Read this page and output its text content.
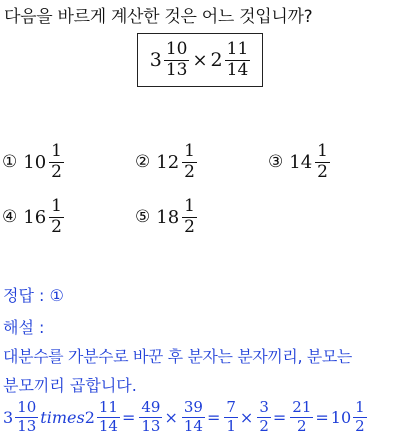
다음을 바르게 계산한 것은 어느 것입니까?
$3 \frac{10}{13} \times 2 \frac{11}{14}$
① $10 \frac{1}{2}$	② $12 \frac{1}{2}$	③ $14 \frac{1}{2}$
④ $16 \frac{1}{2}$	⑤ $18 \frac{1}{2}$
정답 : ①
해설 :
대분수를 가분수로 바꾼 후 분자는 분자끼리, 분모는
분모끼리 곱합니다.
$3 \frac{10}{13}$ times $2 \frac{11}{14} = \frac{49}{13} \times \frac{39}{14} = \frac{7}{1} \times \frac{3}{2} = \frac{21}{2} = 10 \frac{1}{2}$
